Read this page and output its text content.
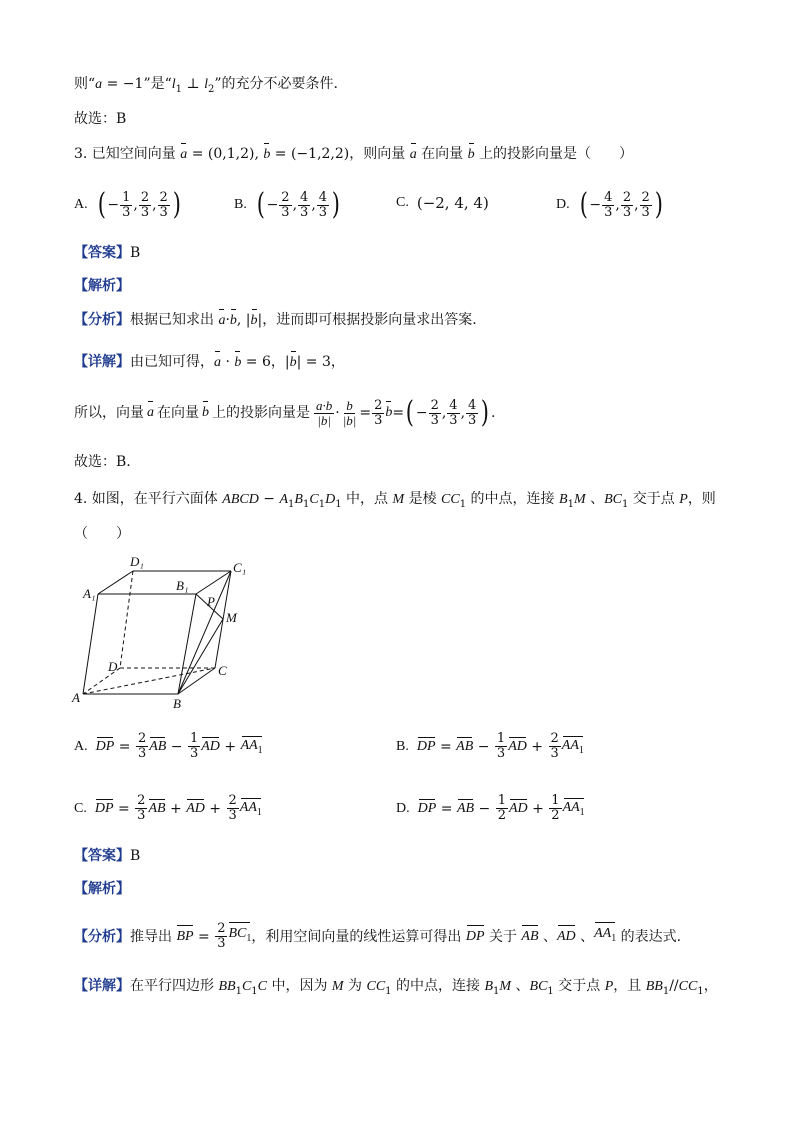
则“a = −1”是“$l_1$ ⊥ $l_2$”的充分不必要条件.
故选：B
3. 已知空间向量 a = (0,1,2), b = (−1,2,2)，则向量 a 在向量 b 上的投影向量是（　　）
A. ( − $\frac{1}{3}$ , $\frac{2}{3}$ , $\frac{2}{3}$ )	B. ( − $\frac{2}{3}$ , $\frac{4}{3}$ , $\frac{4}{3}$ )	C. (−2, 4, 4)	D. ( − $\frac{4}{3}$ , $\frac{2}{3}$ , $\frac{2}{3}$ )
【答案】B
【解析】
【分析】根据已知求出 a·b, |b|，进而即可根据投影向量求出答案.
【详解】由已知可得，a · b = 6，|b| = 3，
所以，向量 a 在向量 b 上的投影向量是 $\frac{a\cdot b}{|b|} \cdot \frac{b}{|b|} = \frac{2}{3}$ b = ( − $\frac{2}{3}$ , $\frac{4}{3}$ , $\frac{4}{3}$ ) .
故选：B.
4. 如图，在平行六面体 ABCD − $A_1B_1C_1D_1$ 中，点 M 是棱 $CC_1$ 的中点，连接 $B_1M$ 、$BC_1$ 交于点 P，则
（　　）
D₁
A₁
B₁
C₁
P
M
D	C
A	B
A. DP = $\frac{2}{3}$ AB − $\frac{1}{3}$ AD + $AA_1$	B. DP = AB − $\frac{1}{3}$ AD + $\frac{2}{3} AA_1$
C. DP = $\frac{2}{3}$ AB + AD + $\frac{2}{3} AA_1$	D. DP = AB − $\frac{1}{2}$ AD + $\frac{1}{2} AA_1$
【答案】B
【解析】
【分析】 推导出 BP = $\frac{2}{3} BC_1$ ，利用空间向量的线性运算可得出 DP 关于 AB 、 AD 、 $AA_1$ 的表达式.
【详解】在平行四边形 $BB_1C_1C$ 中，因为 M 为 $CC_1$ 的中点，连接 $B_1M$ 、$BC_1$ 交于点 P，且 $BB_1//CC_1$，
